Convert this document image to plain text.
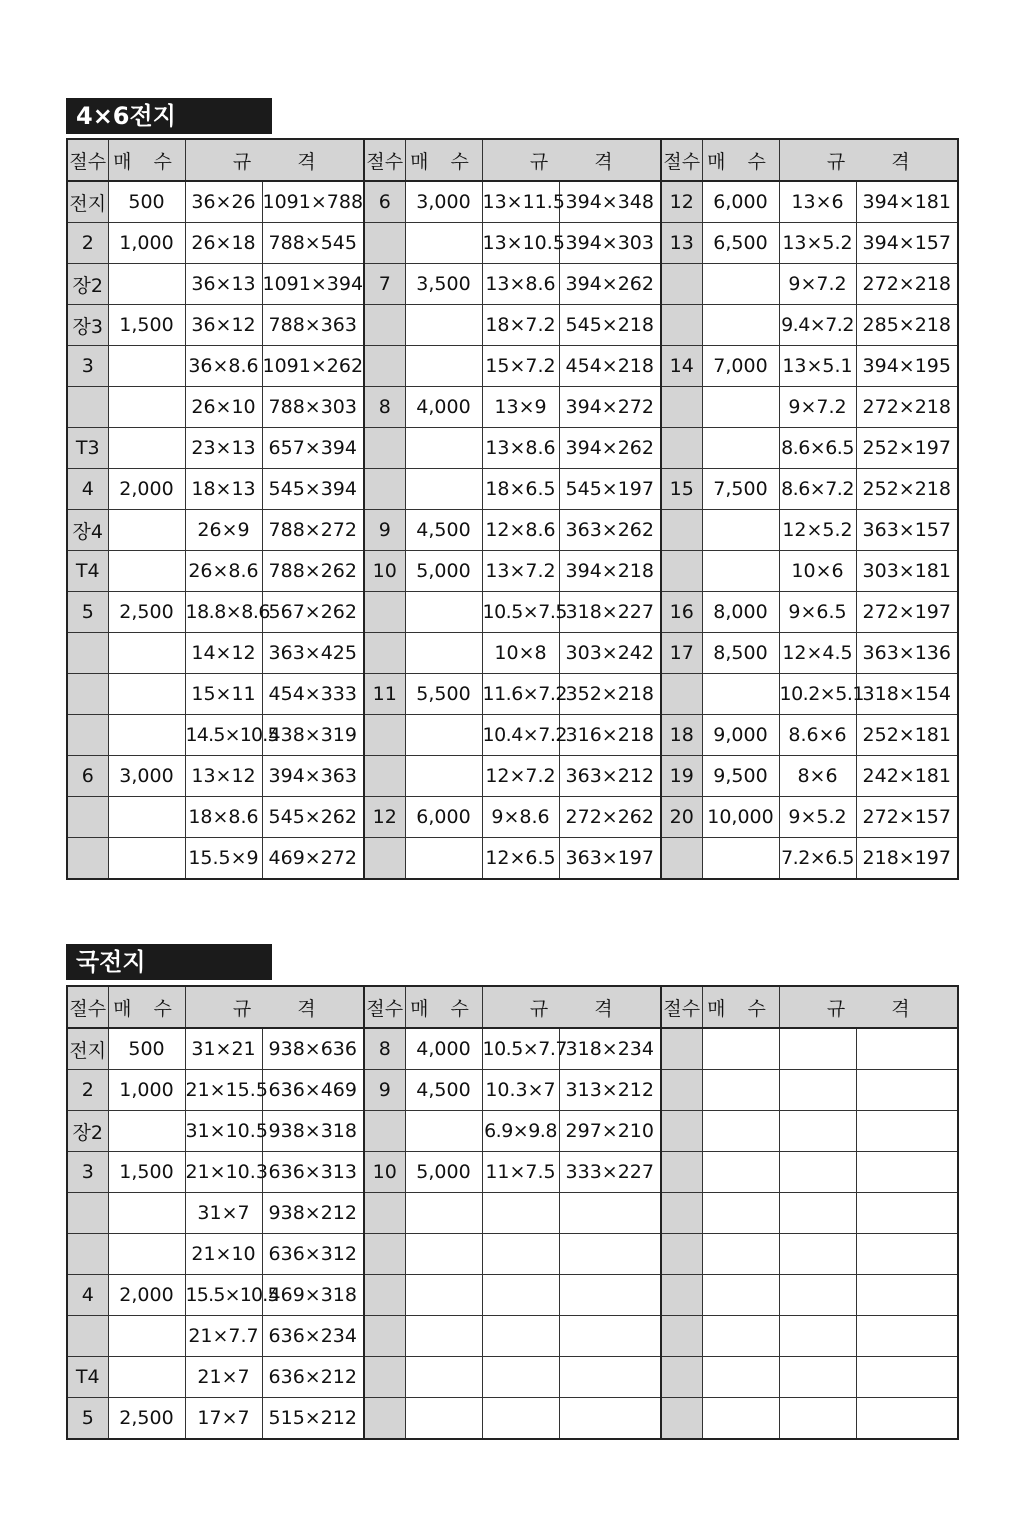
4×6전지
절수	매 수	규 격		절수	매 수	규 격		절수	매 수	규 격	
전지	500	36×26	1091×788	6	3,000	13×11.5	394×348	12	6,000	13×6	394×181
2	1,000	26×18	788×545			13×10.5	394×303	13	6,500	13×5.2	394×157
장2		36×13	1091×394	7	3,500	13×8.6	394×262			9×7.2	272×218
장3	1,500	36×12	788×363			18×7.2	545×218			9.4×7.2	285×218
3		36×8.6	1091×262			15×7.2	454×218	14	7,000	13×5.1	394×195
		26×10	788×303	8	4,000	13×9	394×272			9×7.2	272×218
T3		23×13	657×394			13×8.6	394×262			8.6×6.5	252×197
4	2,000	18×13	545×394			18×6.5	545×197	15	7,500	8.6×7.2	252×218
장4		26×9	788×272	9	4,500	12×8.6	363×262			12×5.2	363×157
T4		26×8.6	788×262	10	5,000	13×7.2	394×218			10×6	303×181
5	2,500	18.8×8.6	567×262			10.5×7.5	318×227	16	8,000	9×6.5	272×197
		14×12	363×425			10×8	303×242	17	8,500	12×4.5	363×136
		15×11	454×333	11	5,500	11.6×7.2	352×218			10.2×5.1	318×154
		14.5×10.5	438×319			10.4×7.2	316×218	18	9,000	8.6×6	252×181
6	3,000	13×12	394×363			12×7.2	363×212	19	9,500	8×6	242×181
		18×8.6	545×262	12	6,000	9×8.6	272×262	20	10,000	9×5.2	272×157
		15.5×9	469×272			12×6.5	363×197			7.2×6.5	218×197
국전지
절수	매 수	규 격		절수	매 수	규 격		절수	매 수	규 격	
전지	500	31×21	938×636	8	4,000	10.5×7.7	318×234				
2	1,000	21×15.5	636×469	9	4,500	10.3×7	313×212				
장2		31×10.5	938×318			6.9×9.8	297×210				
3	1,500	21×10.3	636×313	10	5,000	11×7.5	333×227				
		31×7	938×212								
		21×10	636×312								
4	2,000	15.5×10.5	469×318								
		21×7.7	636×234								
T4		21×7	636×212								
5	2,500	17×7	515×212								
